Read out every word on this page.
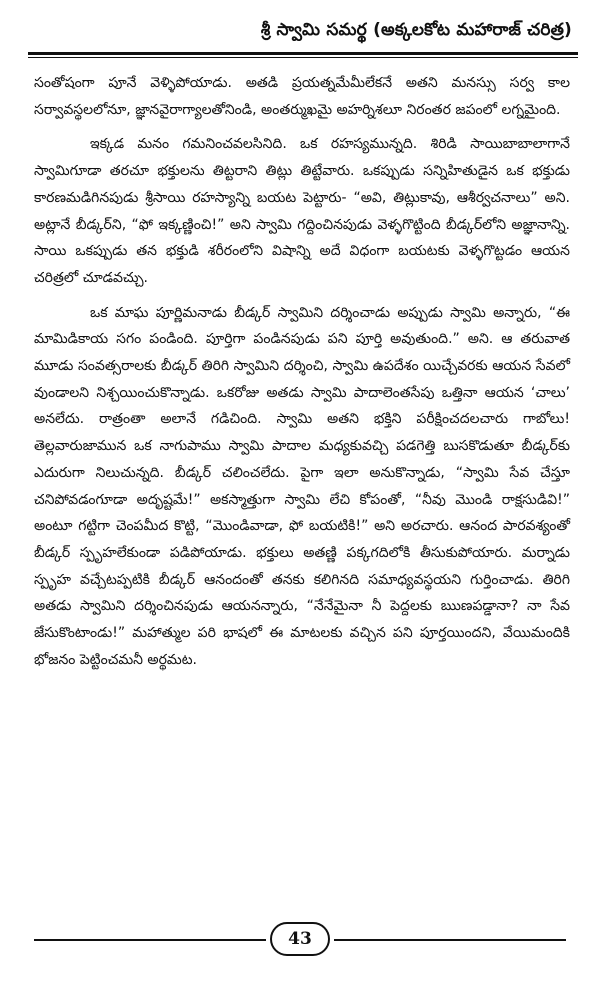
శ్రీ స్వామి సమర్థ (అక్కలకోట మహారాజ్ చరిత్ర)

సంతోషంగా పూనే వెళ్ళిపోయాడు. అతడి ప్రయత్నమేమీలేకనే అతని మనస్సు సర్వ కాల సర్వావస్థలలోనూ, జ్ఞానవైరాగ్యాలతోనిండి, అంతర్ముఖమై అహర్నిశలూ నిరంతర జపంలో లగ్నమైంది.

ఇక్కడ మనం గమనించవలసినిది. ఒక రహస్యమున్నది. శిరిడి సాయిబాబాలాగానే స్వామిగూడా తరచూ భక్తులను తిట్టరాని తిట్లు తిట్టేవారు. ఒకప్పుడు సన్నిహితుడైన ఒక భక్తుడు కారణమడిగినపుడు శ్రీసాయి రహస్యాన్ని బయట పెట్టారు- “అవి, తిట్లుకావు, ఆశీర్వచనాలు” అని. అట్లానే బీడ్కర్‌ని, “ఫో ఇక్కణ్ణించి!” అని స్వామి గద్దించినపుడు వెళ్ళగొట్టింది బీడ్కర్‌లోని అజ్ఞానాన్ని. సాయి ఒకప్పుడు తన భక్తుడి శరీరంలోని విషాన్ని అదే విధంగా బయటకు వెళ్ళగొట్టడం ఆయన చరిత్రలో చూడవచ్చు.

ఒక మాఘ పూర్ణిమనాడు బీడ్కర్ స్వామిని దర్శించాడు అప్పుడు స్వామి అన్నారు, “ఈ మామిడికాయ సగం పండింది. పూర్తిగా పండినపుడు పని పూర్తి అవుతుంది.” అని. ఆ తరువాత మూడు సంవత్సరాలకు బీడ్కర్ తిరిగి స్వామిని దర్శించి, స్వామి ఉపదేశం యిచ్చేవరకు ఆయన సేవలో వుండాలని నిశ్చయించుకొన్నాడు. ఒకరోజు అతడు స్వామి పాదాలెంతసేపు ఒత్తినా ఆయన ‘చాలు’ అనలేదు. రాత్రంతా అలానే గడిచింది. స్వామి అతని భక్తిని పరీక్షించదలచారు గాబోలు! తెల్లవారుజామున ఒక నాగుపాము స్వామి పాదాల మధ్యకువచ్చి పడగెత్తి బుసకొడుతూ బీడ్కర్‌కు ఎదురుగా నిలుచున్నది. బీడ్కర్ చలించలేదు. పైగా ఇలా అనుకొన్నాడు, “స్వామి సేవ చేస్తూ చనిపోవడంగూడా అదృష్టమే!” అకస్మాత్తుగా స్వామి లేచి కోపంతో, “నీవు మొండి రాక్షసుడివి!” అంటూ గట్టిగా చెంపమీద కొట్టి, “మొండివాడా, ఫో బయటికి!” అని అరచారు. ఆనంద పారవశ్యంతో బీడ్కర్ స్పృహలేకుండా పడిపోయాడు. భక్తులు అతణ్ణి పక్కగదిలోకి తీసుకుపోయారు. మర్నాడు స్పృహ వచ్చేటప్పటికి బీడ్కర్ ఆనందంతో తనకు కలిగినది సమాధ్యవస్థయని గుర్తించాడు. తిరిగి అతడు స్వామిని దర్శించినపుడు ఆయనన్నారు, “నేనేమైనా నీ పెద్దలకు ఋణపడ్డానా? నా సేవ జేసుకొంటాండు!” మహాత్ముల పరి భాషలో ఈ మాటలకు వచ్చిన పని పూర్తయిందని, వేయిమందికి భోజనం పెట్టించమనీ అర్థమట.

43
